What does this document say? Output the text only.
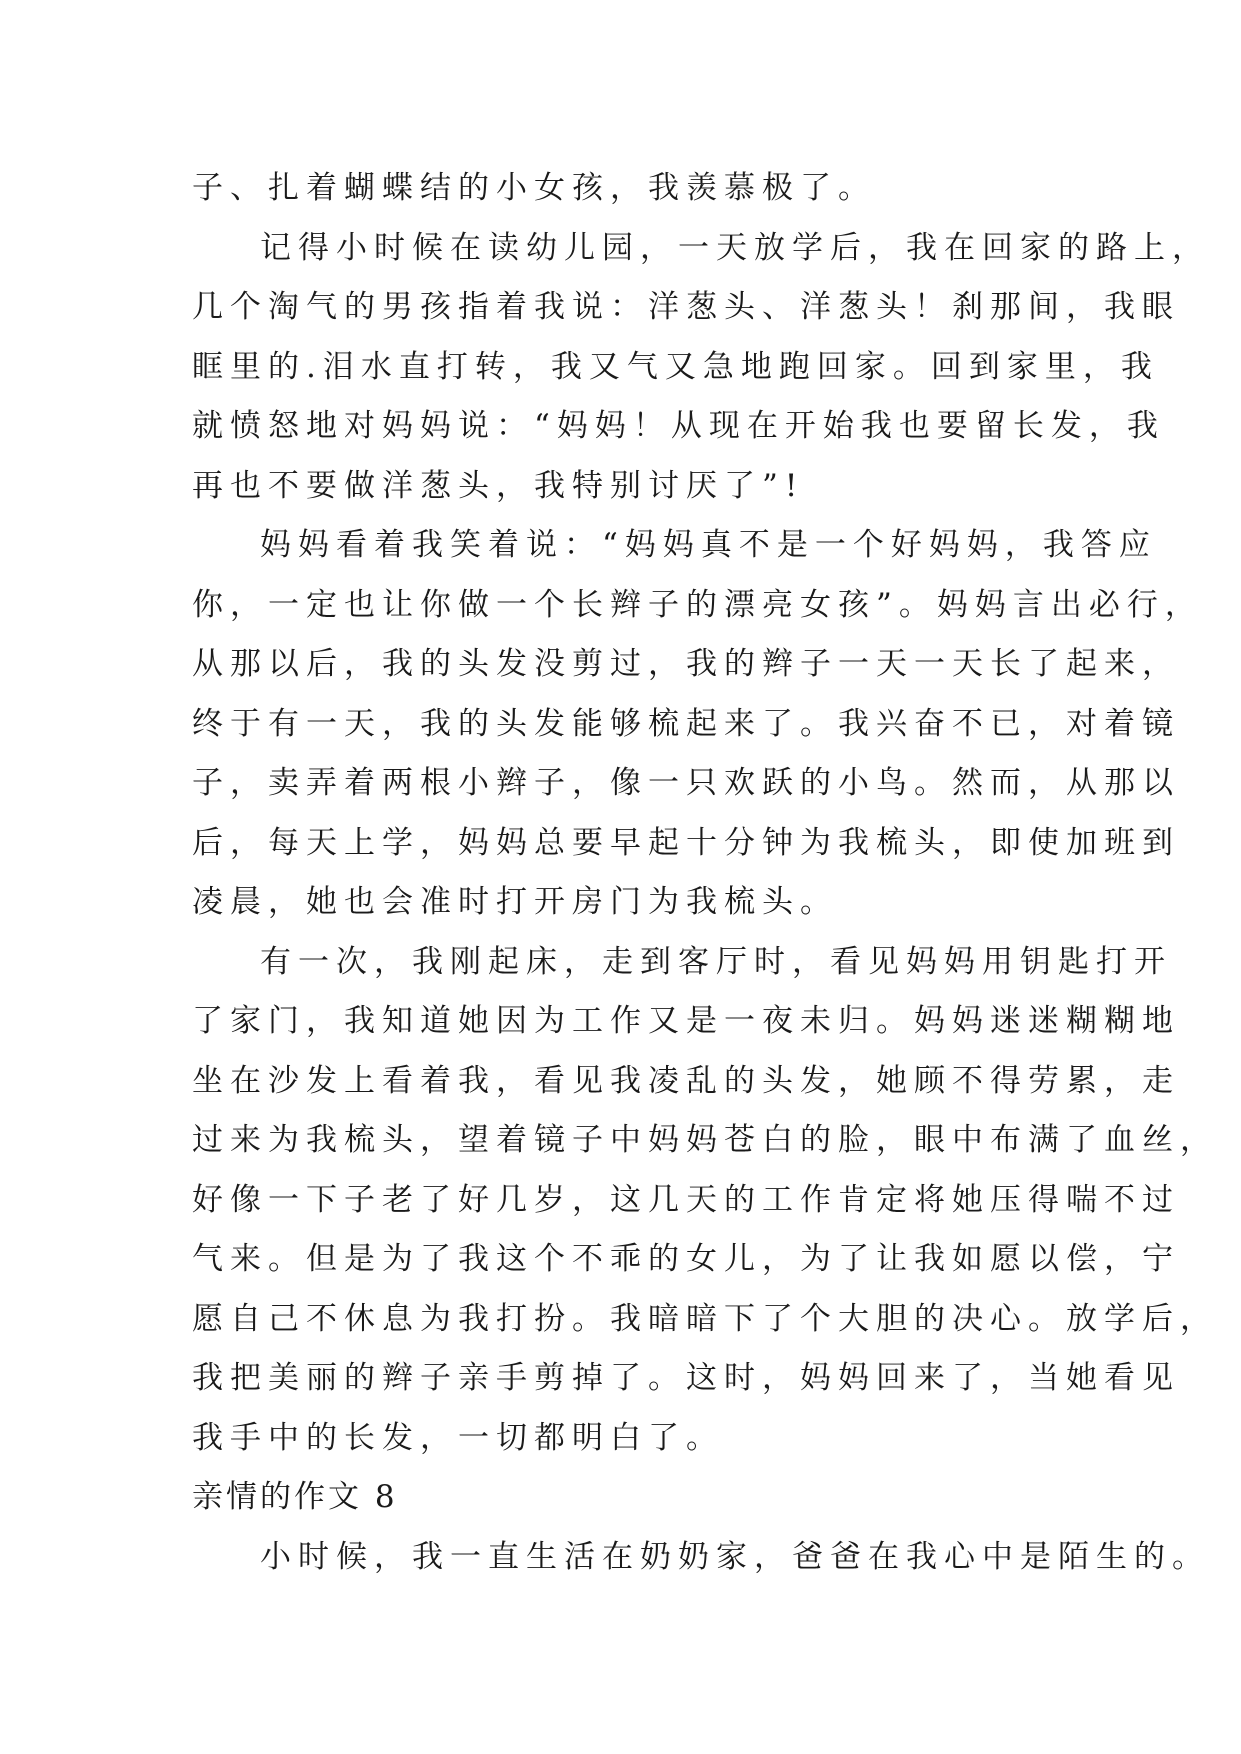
子、扎着蝴蝶结的小女孩，我羡慕极了。
记得小时候在读幼儿园，一天放学后，我在回家的路上，
几个淘气的男孩指着我说：洋葱头、洋葱头！刹那间，我眼
眶里的.泪水直打转，我又气又急地跑回家。回到家里，我
就愤怒地对妈妈说：“妈妈！从现在开始我也要留长发，我
再也不要做洋葱头，我特别讨厌了”!
妈妈看着我笑着说：“妈妈真不是一个好妈妈，我答应
你，一定也让你做一个长辫子的漂亮女孩”。妈妈言出必行，
从那以后，我的头发没剪过，我的辫子一天一天长了起来，
终于有一天，我的头发能够梳起来了。我兴奋不已，对着镜
子，卖弄着两根小辫子，像一只欢跃的小鸟。然而，从那以
后，每天上学，妈妈总要早起十分钟为我梳头，即使加班到
凌晨，她也会准时打开房门为我梳头。
有一次，我刚起床，走到客厅时，看见妈妈用钥匙打开
了家门，我知道她因为工作又是一夜未归。妈妈迷迷糊糊地
坐在沙发上看着我，看见我凌乱的头发，她顾不得劳累，走
过来为我梳头，望着镜子中妈妈苍白的脸，眼中布满了血丝，
好像一下子老了好几岁，这几天的工作肯定将她压得喘不过
气来。但是为了我这个不乖的女儿，为了让我如愿以偿，宁
愿自己不休息为我打扮。我暗暗下了个大胆的决心。放学后，
我把美丽的辫子亲手剪掉了。这时，妈妈回来了，当她看见
我手中的长发，一切都明白了。
亲情的作文 8
小时候，我一直生活在奶奶家，爸爸在我心中是陌生的。
